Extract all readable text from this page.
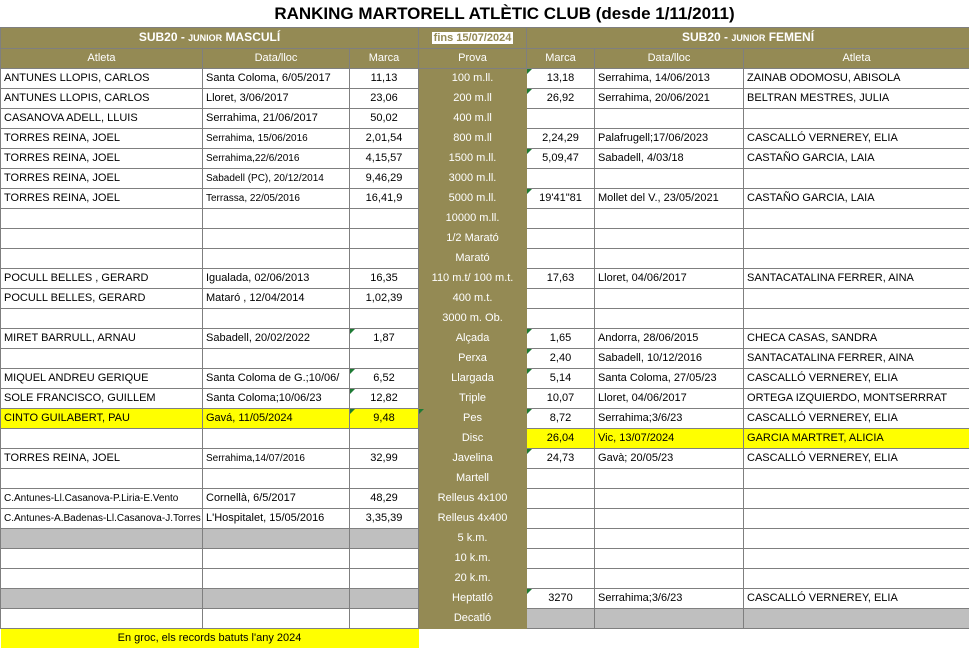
RANKING MARTORELL ATLÈTIC CLUB (desde 1/11/2011)
SUB20 - JUNIOR MASCULÍ			fins 15/07/2024	SUB20 - JUNIOR FEMENÍ		
Atleta	Data/lloc	Marca	Prova	Marca	Data/lloc	Atleta
ANTUNES LLOPIS, CARLOS	Santa Coloma, 6/05/2017	11,13	100 m.ll.	13,18	Serrahima, 14/06/2013	ZAINAB ODOMOSU, ABISOLA
ANTUNES LLOPIS, CARLOS	Lloret, 3/06/2017	23,06	200 m.ll	26,92	Serrahima, 20/06/2021	BELTRAN MESTRES, JULIA
CASANOVA ADELL, LLUIS	Serrahima, 21/06/2017	50,02	400 m.ll			
TORRES REINA, JOEL	Serrahima, 15/06/2016	2,01,54	800 m.ll	2,24,29	Palafrugell;17/06/2023	CASCALLÓ VERNEREY, ELIA
TORRES REINA, JOEL	Serrahima,22/6/2016	4,15,57	1500 m.ll.	5,09,47	Sabadell, 4/03/18	CASTAÑO GARCIA, LAIA
TORRES REINA, JOEL	Sabadell (PC), 20/12/2014	9,46,29	3000 m.ll.			
TORRES REINA, JOEL	Terrassa, 22/05/2016	16,41,9	5000 m.ll.	19'41"81	Mollet del V., 23/05/2021	CASTAÑO GARCIA, LAIA
			10000 m.ll.			
			1/2 Marató			
			Marató			
POCULL BELLES , GERARD	Igualada, 02/06/2013	16,35	110 m.t/ 100 m.t.	17,63	Lloret, 04/06/2017	SANTACATALINA FERRER, AINA
POCULL BELLES, GERARD	Mataró , 12/04/2014	1,02,39	400 m.t.			
			3000 m. Ob.			
MIRET BARRULL, ARNAU	Sabadell, 20/02/2022	1,87	Alçada	1,65	Andorra, 28/06/2015	CHECA CASAS, SANDRA
			Perxa	2,40	Sabadell, 10/12/2016	SANTACATALINA FERRER, AINA
MIQUEL ANDREU GERIQUE	Santa Coloma de G.;10/06/	6,52	Llargada	5,14	Santa Coloma, 27/05/23	CASCALLÓ VERNEREY, ELIA
SOLE FRANCISCO, GUILLEM	Santa Coloma;10/06/23	12,82	Triple	10,07	Lloret, 04/06/2017	ORTEGA IZQUIERDO, MONTSERRRAT
CINTO GUILABERT, PAU	Gavá, 11/05/2024	9,48	Pes	8,72	Serrahima;3/6/23	CASCALLÓ VERNEREY, ELIA
			Disc	26,04	Vic, 13/07/2024	GARCIA MARTRET, ALICIA
TORRES REINA, JOEL	Serrahima,14/07/2016	32,99	Javelina	24,73	Gavà; 20/05/23	CASCALLÓ VERNEREY, ELIA
			Martell			
C.Antunes-Ll.Casanova-P.Liria-E.Vento	Cornellà, 6/5/2017	48,29	Relleus 4x100			
C.Antunes-A.Badenas-Ll.Casanova-J.Torres	L'Hospitalet, 15/05/2016	3,35,39	Relleus 4x400			
			5 k.m.			
			10 k.m.			
			20 k.m.			
			Heptatló	3270	Serrahima;3/6/23	CASCALLÓ VERNEREY, ELIA
			Decatló			
En groc, els records batuts l'any 2024						
